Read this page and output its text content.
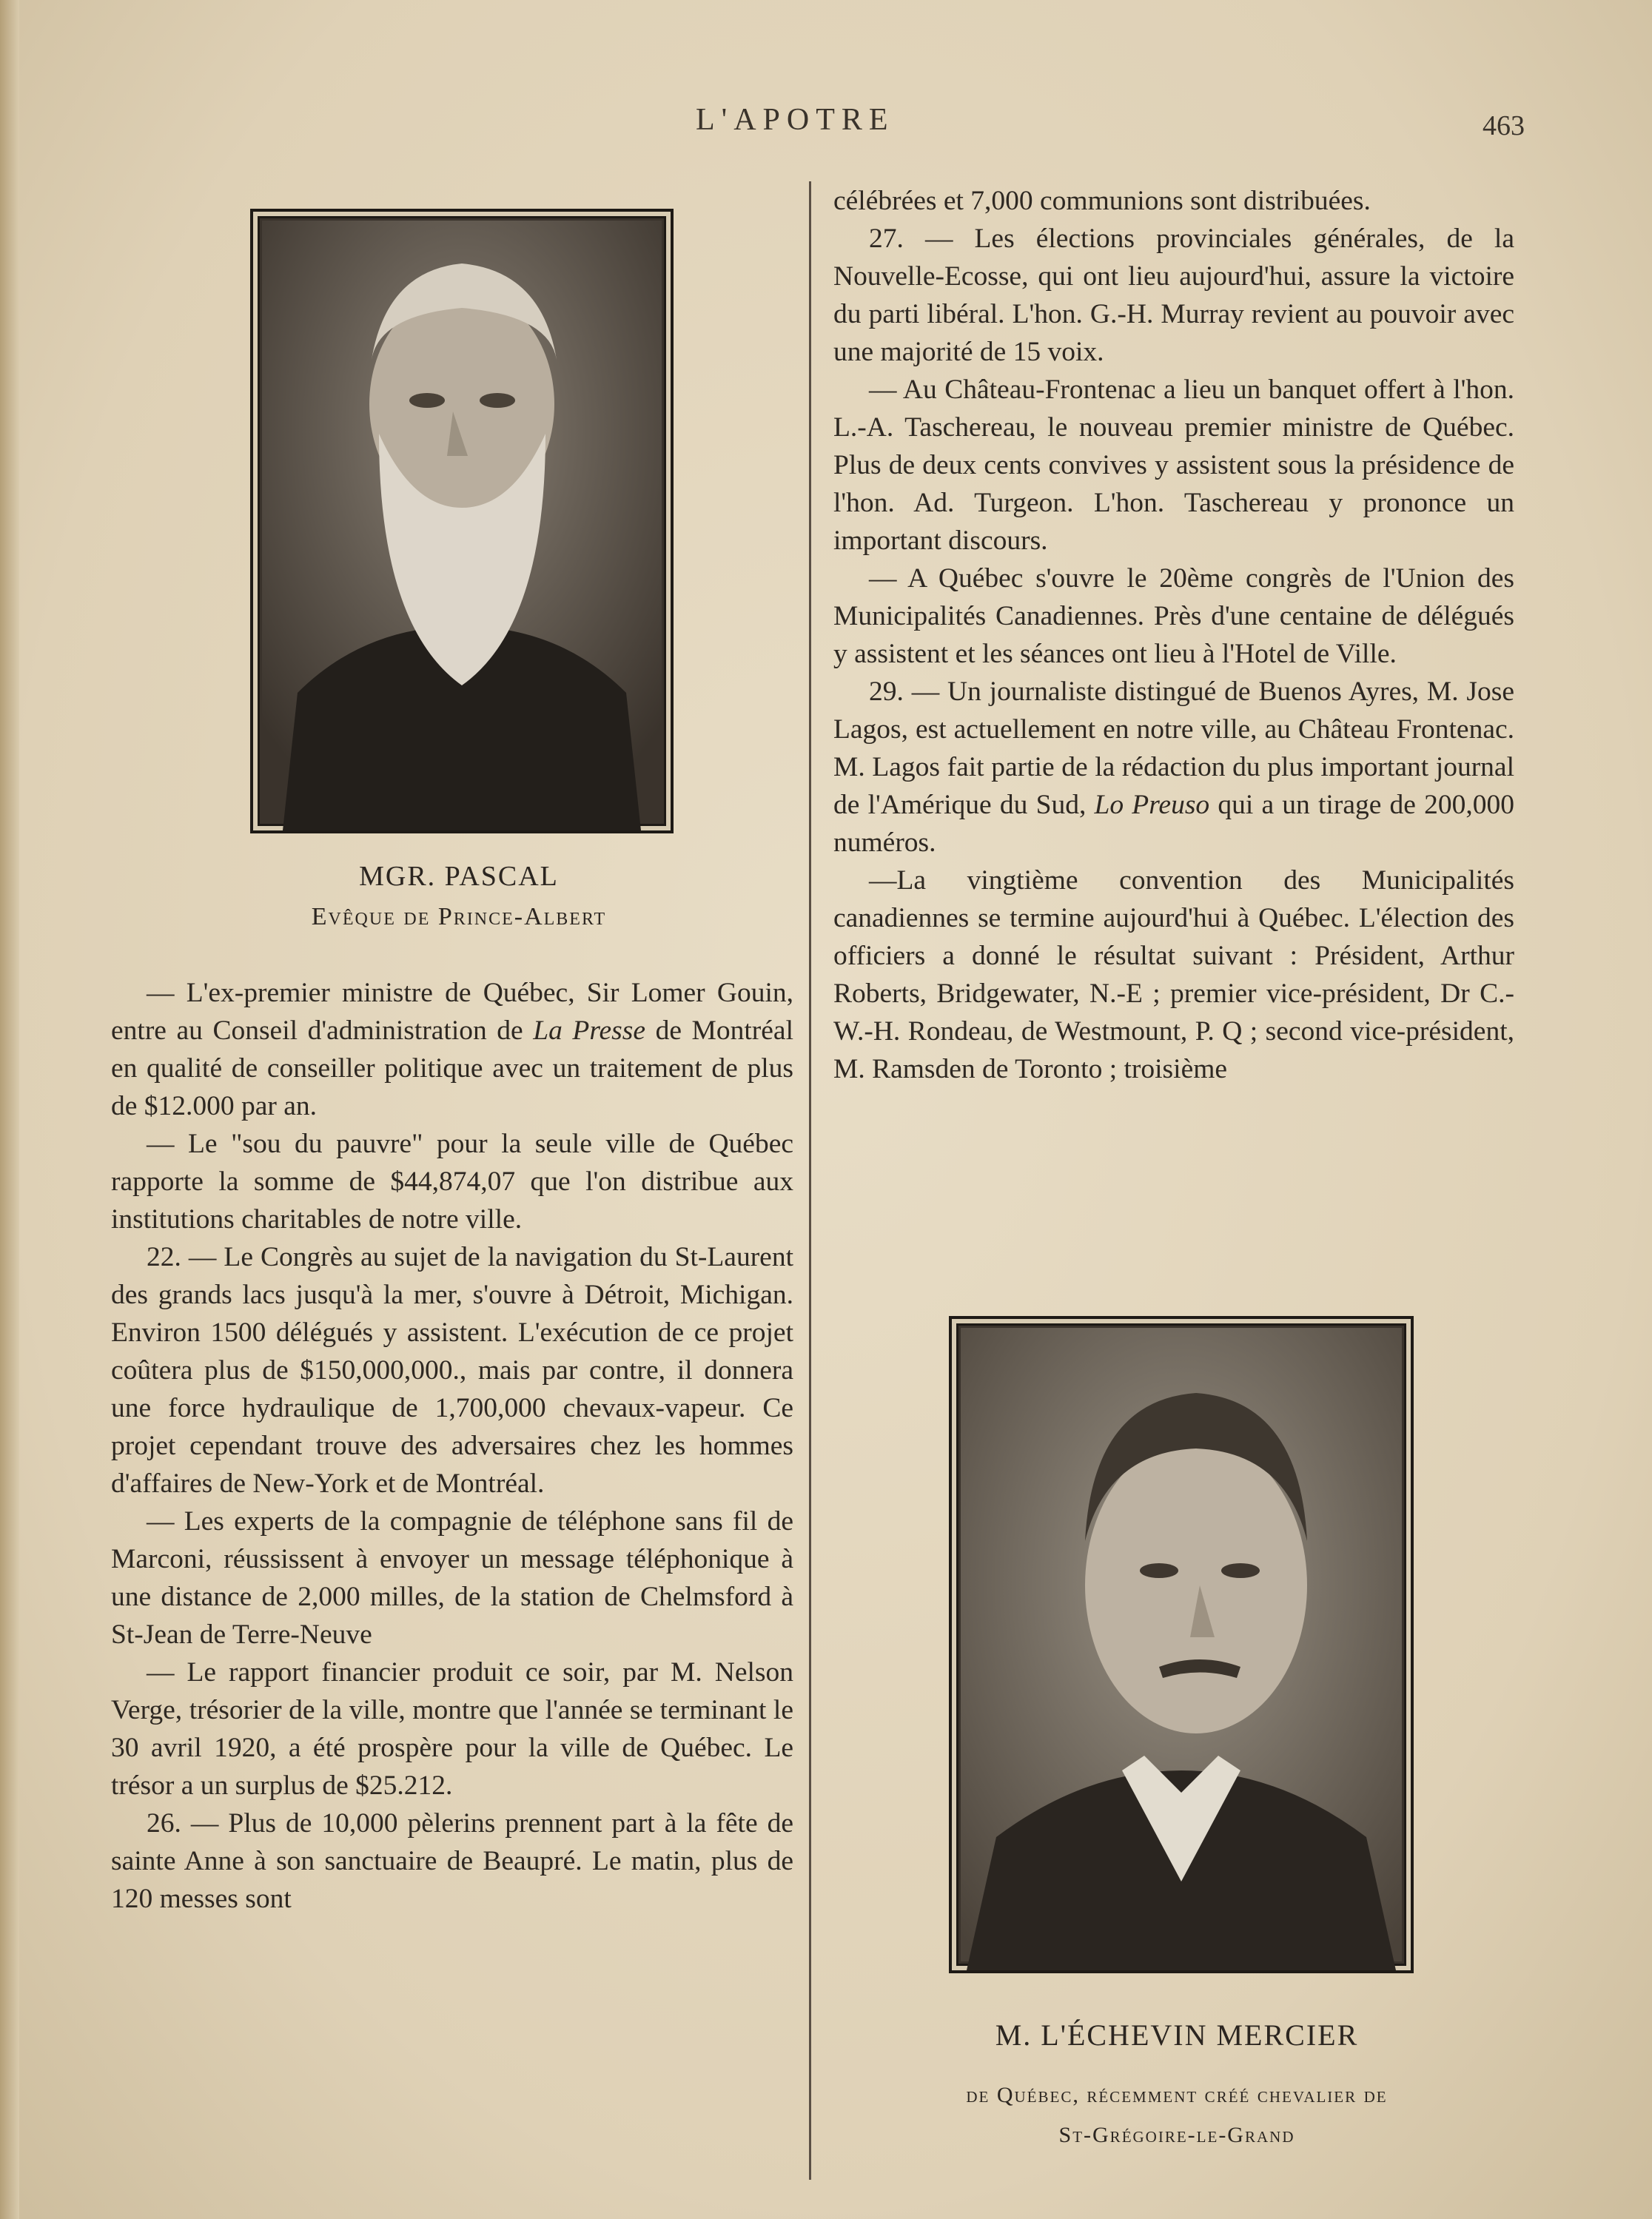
L'APOTRE	463
MGR. PASCAL
Evêque de Prince-Albert

— L'ex-premier ministre de Québec, Sir Lomer Gouin, entre au Conseil d'administration de La Presse de Montréal en qualité de conseiller politique avec un traitement de plus de $12.000 par an.

— Le "sou du pauvre" pour la seule ville de Québec rapporte la somme de $44,874,07 que l'on distribue aux institutions charitables de notre ville.

22. — Le Congrès au sujet de la navigation du St-Laurent des grands lacs jusqu'à la mer, s'ouvre à Détroit, Michigan. Environ 1500 délégués y assistent. L'exécution de ce projet coûtera plus de $150,000,000., mais par contre, il donnera une force hydraulique de 1,700,000 chevaux-vapeur. Ce projet cependant trouve des adversaires chez les hommes d'affaires de New-York et de Montréal.

— Les experts de la compagnie de téléphone sans fil de Marconi, réussissent à envoyer un message téléphonique à une distance de 2,000 milles, de la station de Chelmsford à St-Jean de Terre-Neuve

— Le rapport financier produit ce soir, par M. Nelson Verge, trésorier de la ville, montre que l'année se terminant le 30 avril 1920, a été prospère pour la ville de Québec. Le trésor a un surplus de $25.212.

26. — Plus de 10,000 pèlerins prennent part à la fête de sainte Anne à son sanctuaire de Beaupré. Le matin, plus de 120 messes sont

célébrées et 7,000 communions sont distribuées.

27. — Les élections provinciales générales, de la Nouvelle-Ecosse, qui ont lieu aujourd'hui, assure la victoire du parti libéral. L'hon. G.-H. Murray revient au pouvoir avec une majorité de 15 voix.

— Au Château-Frontenac a lieu un banquet offert à l'hon. L.-A. Taschereau, le nouveau premier ministre de Québec. Plus de deux cents convives y assistent sous la présidence de l'hon. Ad. Turgeon. L'hon. Taschereau y prononce un important discours.

— A Québec s'ouvre le 20ème congrès de l'Union des Municipalités Canadiennes. Près d'une centaine de délégués y assistent et les séances ont lieu à l'Hotel de Ville.

29. — Un journaliste distingué de Buenos Ayres, M. Jose Lagos, est actuellement en notre ville, au Château Frontenac. M. Lagos fait partie de la rédaction du plus important journal de l'Amérique du Sud, Lo Preuso qui a un tirage de 200,000 numéros.

—La vingtième convention des Municipalités canadiennes se termine aujourd'hui à Québec. L'élection des officiers a donné le résultat suivant : Président, Arthur Roberts, Bridgewater, N.-E ; premier vice-président, Dr C.-W.-H. Rondeau, de Westmount, P. Q ; second vice-président, M. Ramsden de Toronto ; troisième

M. L'ÉCHEVIN MERCIER
de Québec, récemment créé chevalier de
St-Grégoire-le-Grand
